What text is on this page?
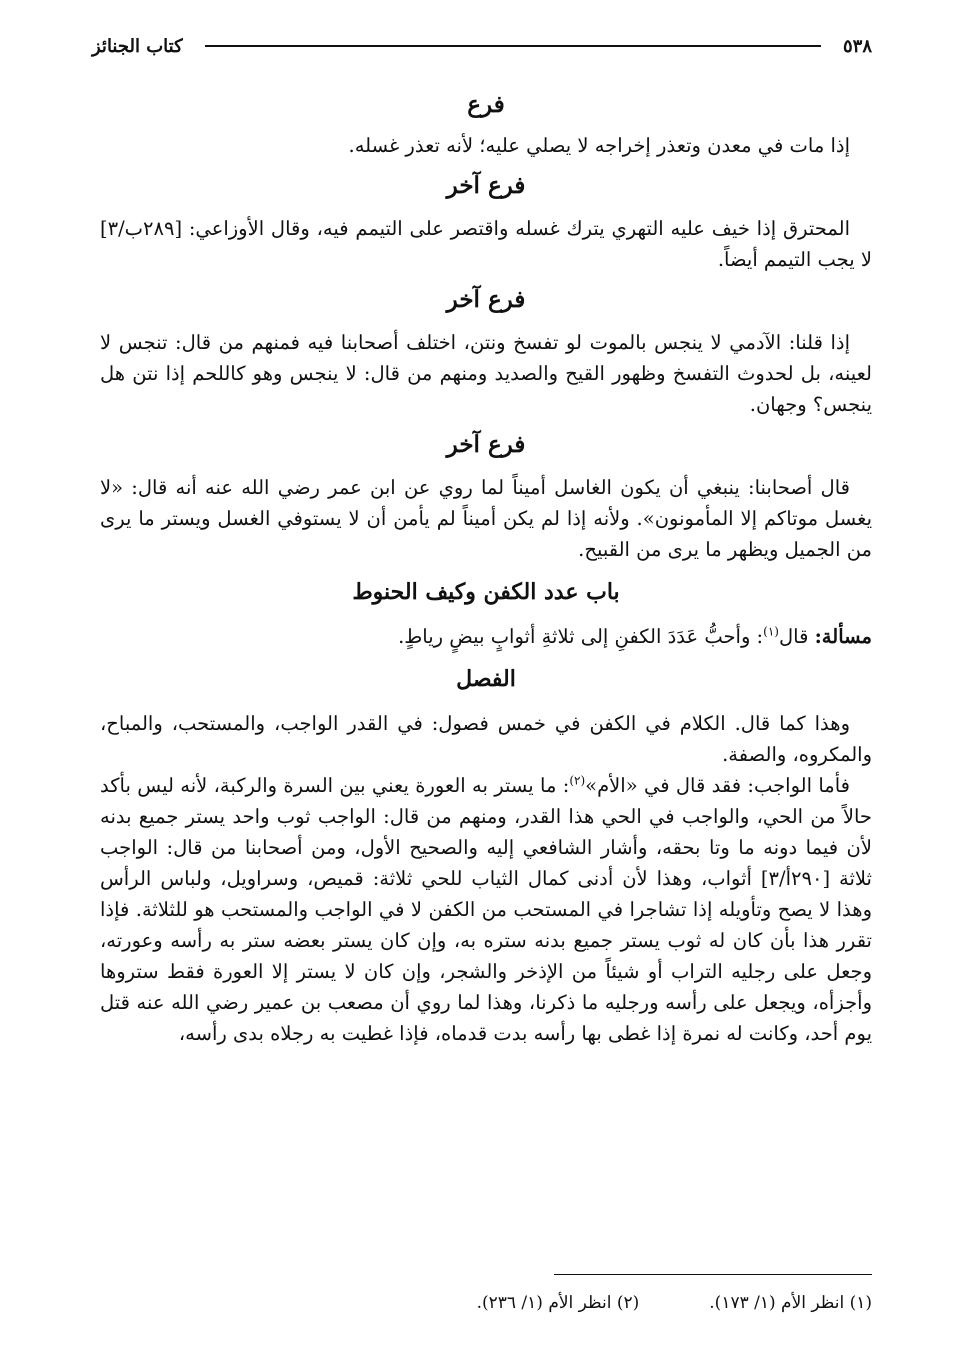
كتاب الجنائز	٥٣٨
فرع

إذا مات في معدن وتعذر إخراجه لا يصلي عليه؛ لأنه تعذر غسله.

فرع آخر

المحترق إذا خيف عليه التهري يترك غسله واقتصر على التيمم فيه، وقال الأوزاعي: [٢٨٩ب/٣] لا يجب التيمم أيضاً.

فرع آخر

إذا قلنا: الآدمي لا ينجس بالموت لو تفسخ ونتن، اختلف أصحابنا فيه فمنهم من قال: تنجس لا لعينه، بل لحدوث التفسخ وظهور القيح والصديد ومنهم من قال: لا ينجس وهو كاللحم إذا نتن هل ينجس؟ وجهان.

فرع آخر

قال أصحابنا: ينبغي أن يكون الغاسل أميناً لما روي عن ابن عمر رضي الله عنه أنه قال: «لا يغسل موتاكم إلا المأمونون». ولأنه إذا لم يكن أميناً لم يأمن أن لا يستوفي الغسل ويستر ما يرى من الجميل ويظهر ما يرى من القبيح.

باب عدد الكفن وكيف الحنوط

مسألة: قال$^{(١)}$: وأحبُّ عَدَدَ الكفنِ إلى ثلاثةِ أثوابٍ بيضٍ رياطٍ.

الفصل

وهذا كما قال. الكلام في الكفن في خمس فصول: في القدر الواجب، والمستحب، والمباح، والمكروه، والصفة.

فأما الواجب: فقد قال في «الأم»$^{(٢)}$: ما يستر به العورة يعني بين السرة والركبة، لأنه ليس بأكد حالاً من الحي، والواجب في الحي هذا القدر، ومنهم من قال: الواجب ثوب واحد يستر جميع بدنه لأن فيما دونه ما وتا بحقه، وأشار الشافعي إليه والصحيح الأول، ومن أصحابنا من قال: الواجب ثلاثة [٢٩٠أ/٣] أثواب، وهذا لأن أدنى كمال الثياب للحي ثلاثة: قميص، وسراويل، ولباس الرأس وهذا لا يصح وتأويله إذا تشاجرا في المستحب من الكفن لا في الواجب والمستحب هو للثلاثة. فإذا تقرر هذا بأن كان له ثوب يستر جميع بدنه ستره به، وإن كان يستر بعضه ستر به رأسه وعورته، وجعل على رجليه التراب أو شيئاً من الإذخر والشجر، وإن كان لا يستر إلا العورة فقط ستروها وأجزأه، ويجعل على رأسه ورجليه ما ذكرنا، وهذا لما روي أن مصعب بن عمير رضي الله عنه قتل يوم أحد، وكانت له نمرة إذا غطى بها رأسه بدت قدماه، فإذا غطيت به رجلاه بدى رأسه،

(١) انظر الأم (١/ ١٧٣).
(٢) انظر الأم (١/ ٢٣٦).
